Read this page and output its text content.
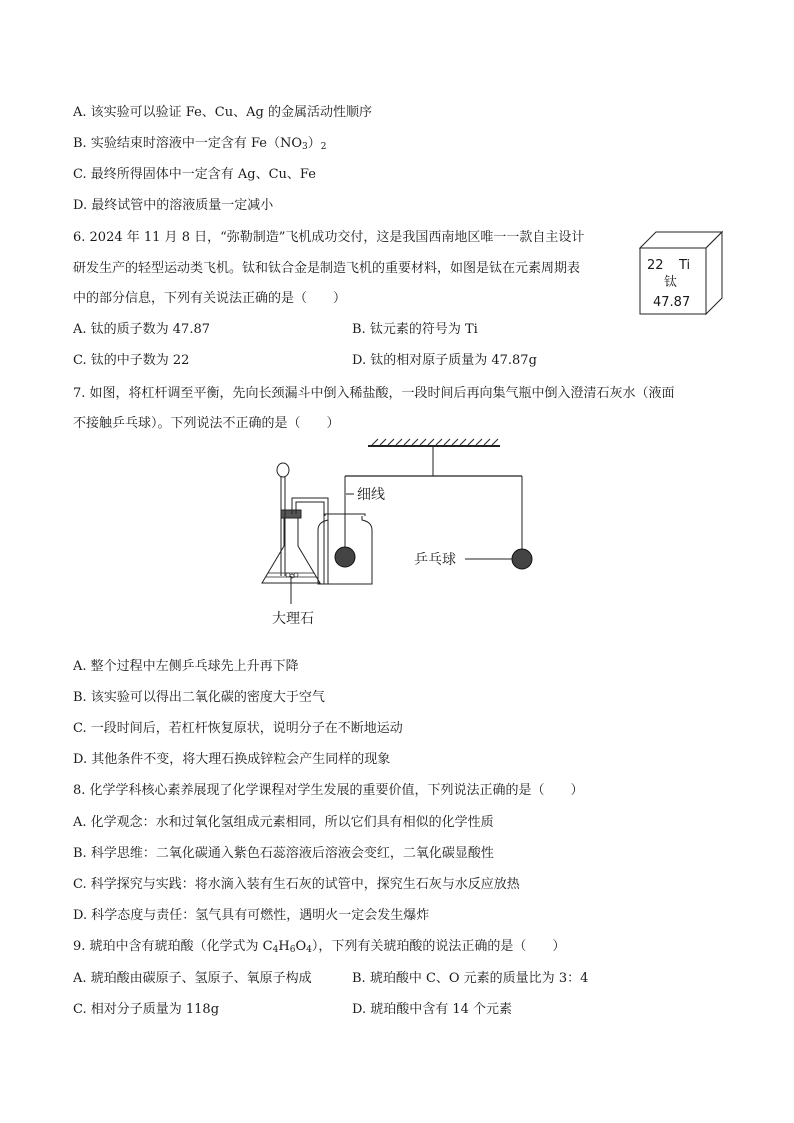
A. 该实验可以验证 Fe、Cu、Ag 的金属活动性顺序
B. 实验结束时溶液中一定含有 $Fe(NO_3)_2$
C. 最终所得固体中一定含有 Ag、Cu、Fe
D. 最终试管中的溶液质量一定减小
6. 2024 年 11 月 8 日，“弥勒制造”飞机成功交付，这是我国西南地区唯一一款自主设计
研发生产的轻型运动类飞机。钛和钛合金是制造飞机的重要材料，如图是钛在元素周期表
中的部分信息，下列有关说法正确的是（　　）
A. 钛的质子数为 47.87	B. 钛元素的符号为 Ti
C. 钛的中子数为 22	D. 钛的相对原子质量为 47.87g
22 Ti
钛
47.87
7. 如图，将杠杆调至平衡，先向长颈漏斗中倒入稀盐酸，一段时间后再向集气瓶中倒入澄清石灰水（液面
不接触乒乓球）。下列说法不正确的是（　　）
细线
乒乓球
大理石
A. 整个过程中左侧乒乓球先上升再下降
B. 该实验可以得出二氧化碳的密度大于空气
C. 一段时间后，若杠杆恢复原状，说明分子在不断地运动
D. 其他条件不变，将大理石换成锌粒会产生同样的现象
8. 化学学科核心素养展现了化学课程对学生发展的重要价值，下列说法正确的是（　　）
A. 化学观念：水和过氧化氢组成元素相同，所以它们具有相似的化学性质
B. 科学思维：二氧化碳通入紫色石蕊溶液后溶液会变红，二氧化碳显酸性
C. 科学探究与实践：将水滴入装有生石灰的试管中，探究生石灰与水反应放热
D. 科学态度与责任：氢气具有可燃性，遇明火一定会发生爆炸
9. 琥珀中含有琥珀酸（化学式为 $C_4H_6O_4$），下列有关琥珀酸的说法正确的是（　　）
A. 琥珀酸由碳原子、氢原子、氧原子构成	B. 琥珀酸中 C、O 元素的质量比为 3：4
C. 相对分子质量为 118g	D. 琥珀酸中含有 14 个元素
